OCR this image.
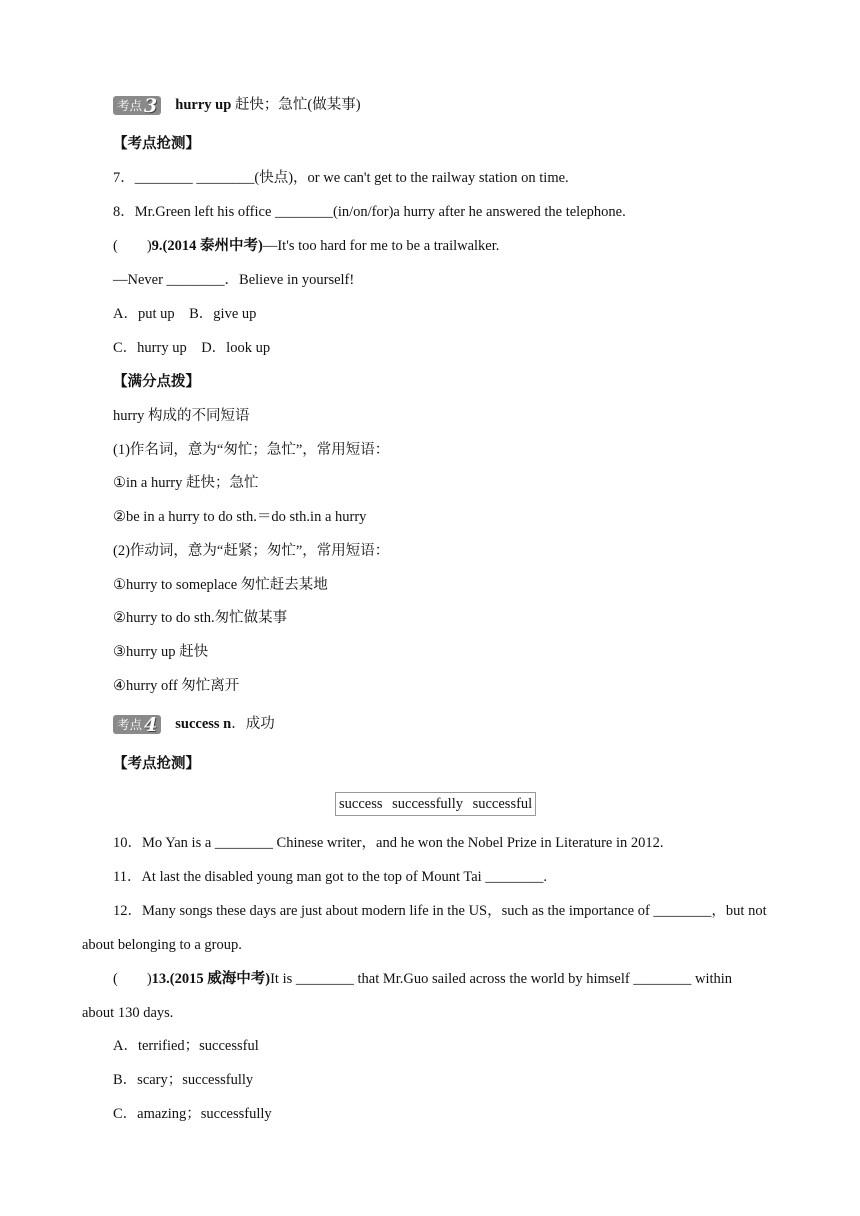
考点 3 hurry up 赶快；急忙(做某事)
【考点抢测】
7．________ ________(快点)，or we can't get to the railway station on time.
8．Mr.Green left his office ________(in/on/for)a hurry after he answered the telephone.
(　　)9.(2014 泰州中考)—It's too hard for me to be a trailwalker.
—Never ________．Believe in yourself!
A．put up　B．give up
C．hurry up　D．look up
【满分点拨】
hurry 构成的不同短语
(1)作名词，意为“匆忙；急忙”，常用短语：
①in a hurry 赶快；急忙
②be in a hurry to do sth.＝do sth.in a hurry
(2)作动词，意为“赶紧；匆忙”，常用短语：
①hurry to someplace 匆忙赶去某地
②hurry to do sth.匆忙做某事
③hurry up 赶快
④hurry off 匆忙离开
考点 4 success n．成功
【考点抢测】
success successfully successful
10．Mo Yan is a ________ Chinese writer，and he won the Nobel Prize in Literature in 2012.
11．At last the disabled young man got to the top of Mount Tai ________.
12．Many songs these days are just about modern life in the US，such as the importance of ________，but not
about belonging to a group.
(　　)13.(2015 威海中考)It is ________ that Mr.Guo sailed across the world by himself ________ within
about 130 days.
A．terrified；successful
B．scary；successfully
C．amazing；successfully
